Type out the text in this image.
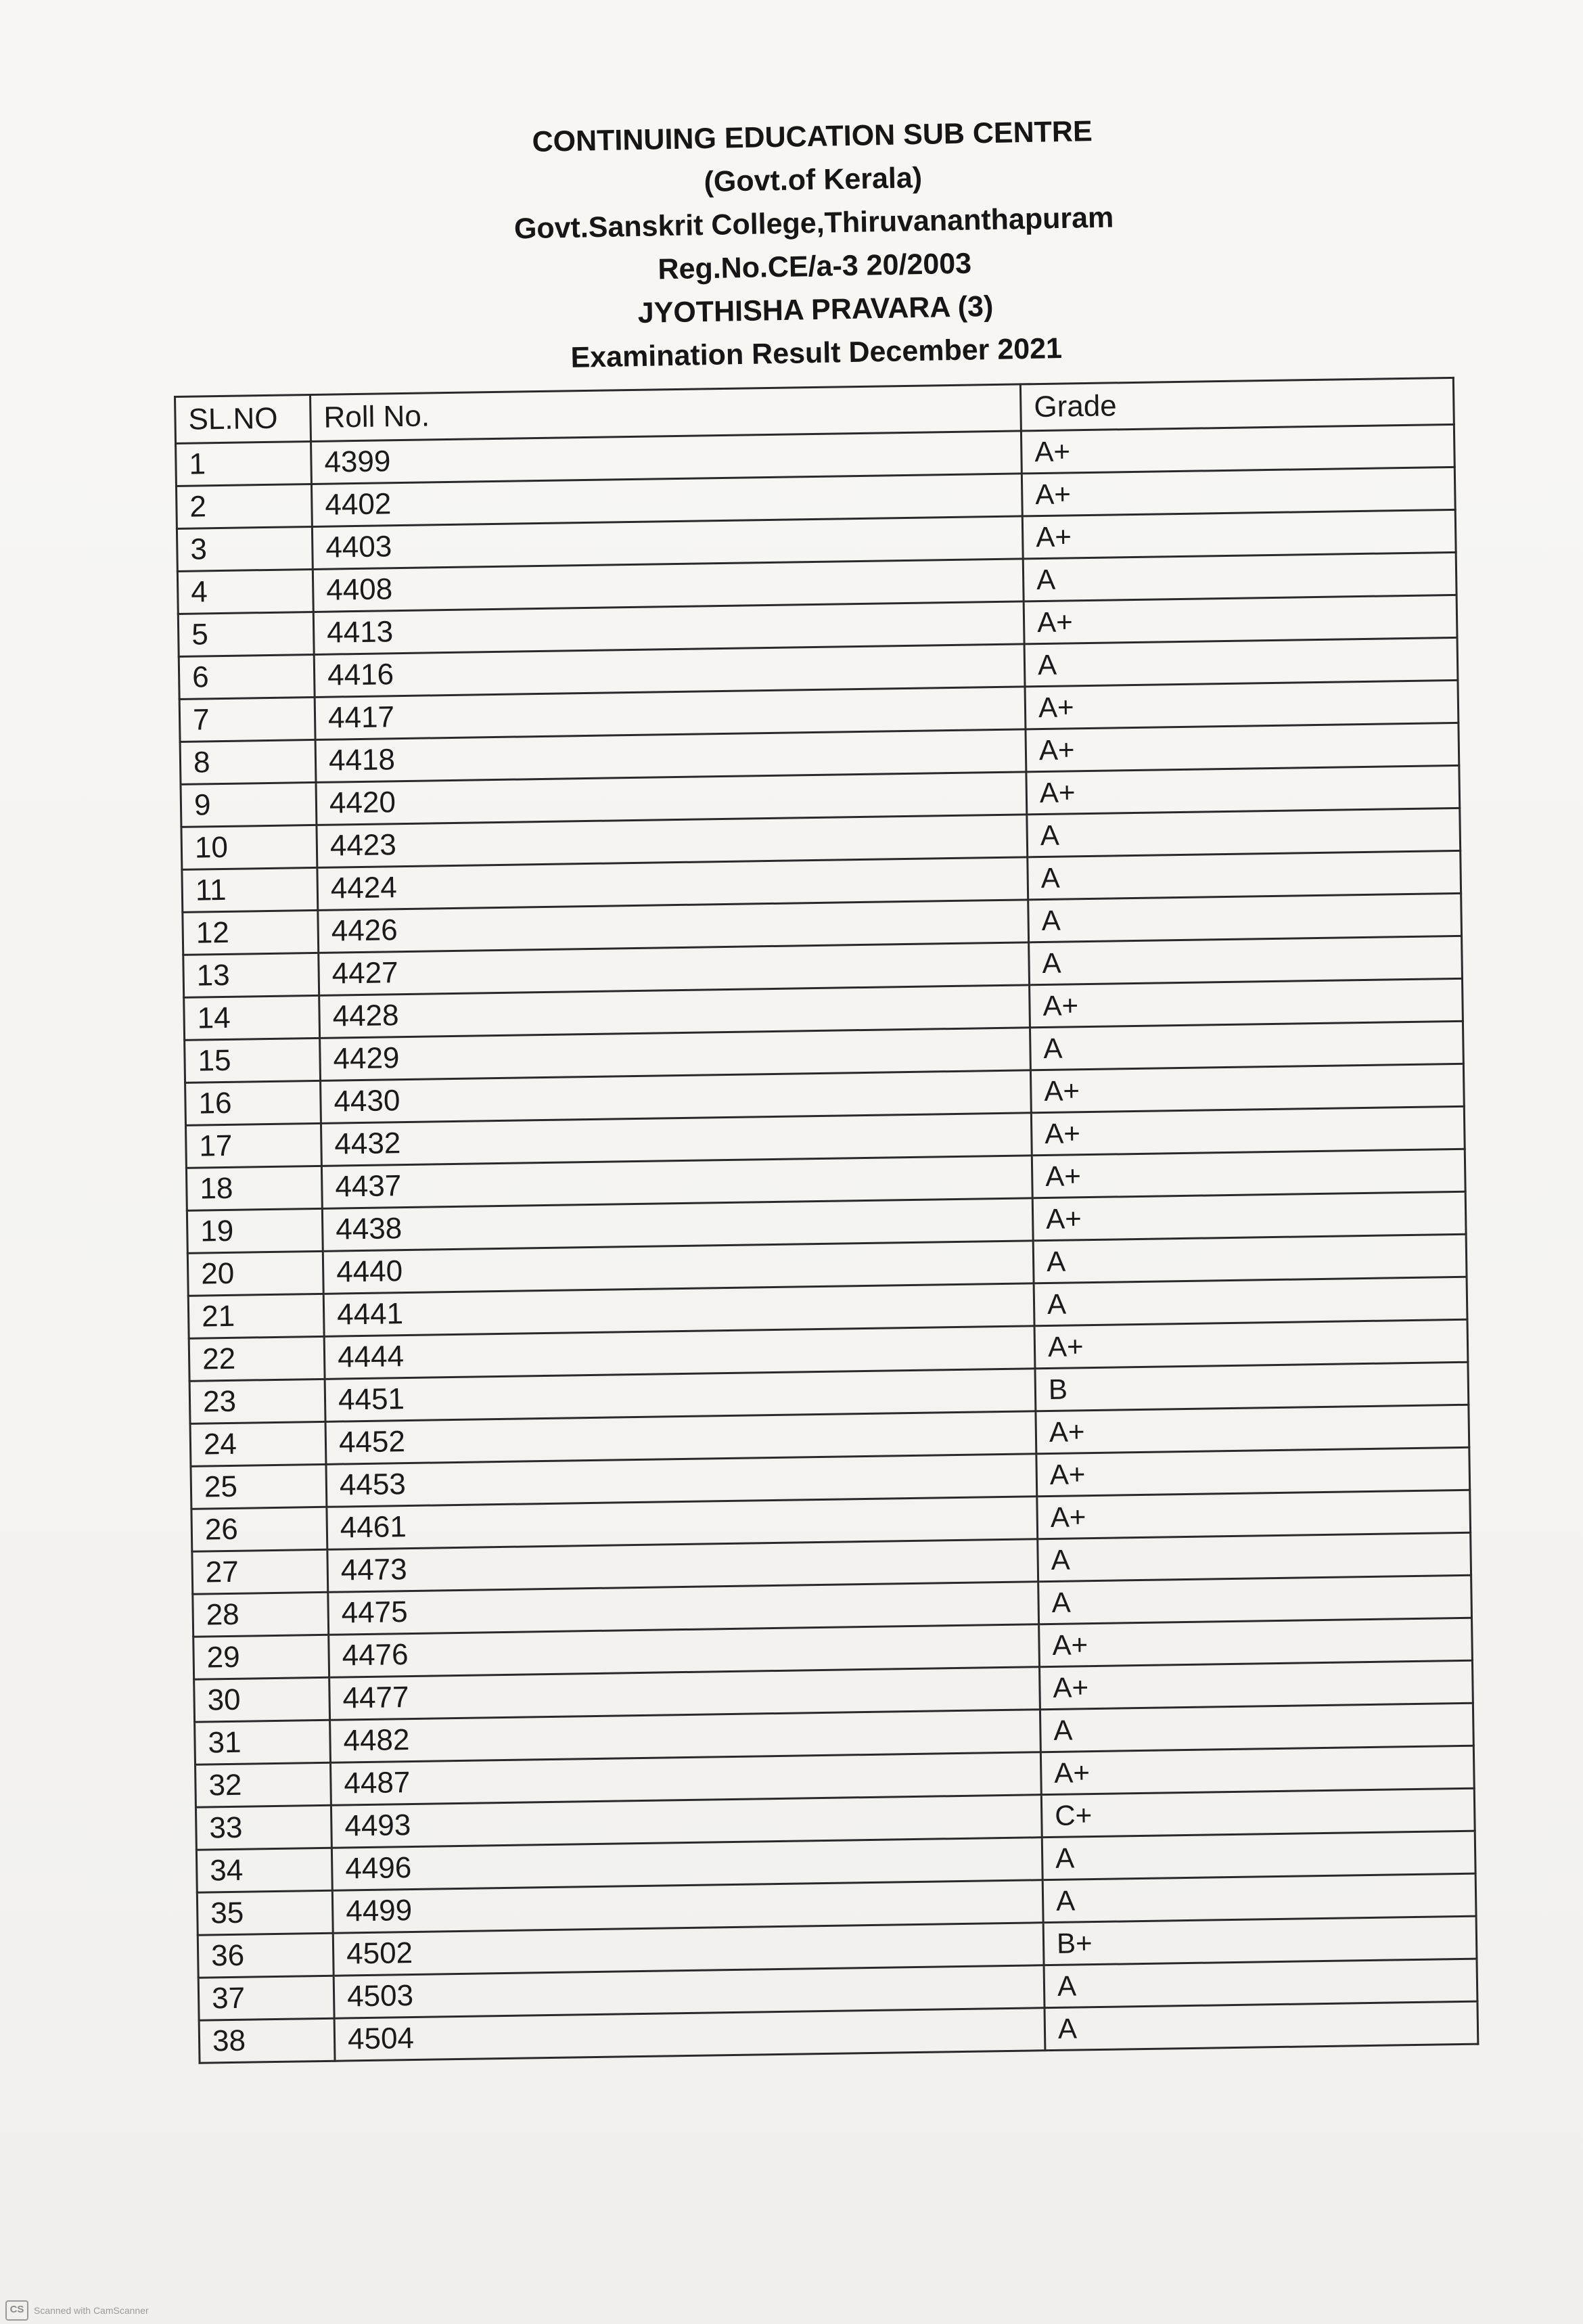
CONTINUING EDUCATION SUB CENTRE
(Govt.of Kerala)
Govt.Sanskrit College,Thiruvananthapuram
Reg.No.CE/a-3 20/2003
JYOTHISHA PRAVARA (3)
Examination Result December 2021
SL.NO	Roll No.	Grade
1	4399	A+
2	4402	A+
3	4403	A+
4	4408	A
5	4413	A+
6	4416	A
7	4417	A+
8	4418	A+
9	4420	A+
10	4423	A
11	4424	A
12	4426	A
13	4427	A
14	4428	A+
15	4429	A
16	4430	A+
17	4432	A+
18	4437	A+
19	4438	A+
20	4440	A
21	4441	A
22	4444	A+
23	4451	B
24	4452	A+
25	4453	A+
26	4461	A+
27	4473	A
28	4475	A
29	4476	A+
30	4477	A+
31	4482	A
32	4487	A+
33	4493	C+
34	4496	A
35	4499	A
36	4502	B+
37	4503	A
38	4504	A
CS	Scanned with CamScanner
